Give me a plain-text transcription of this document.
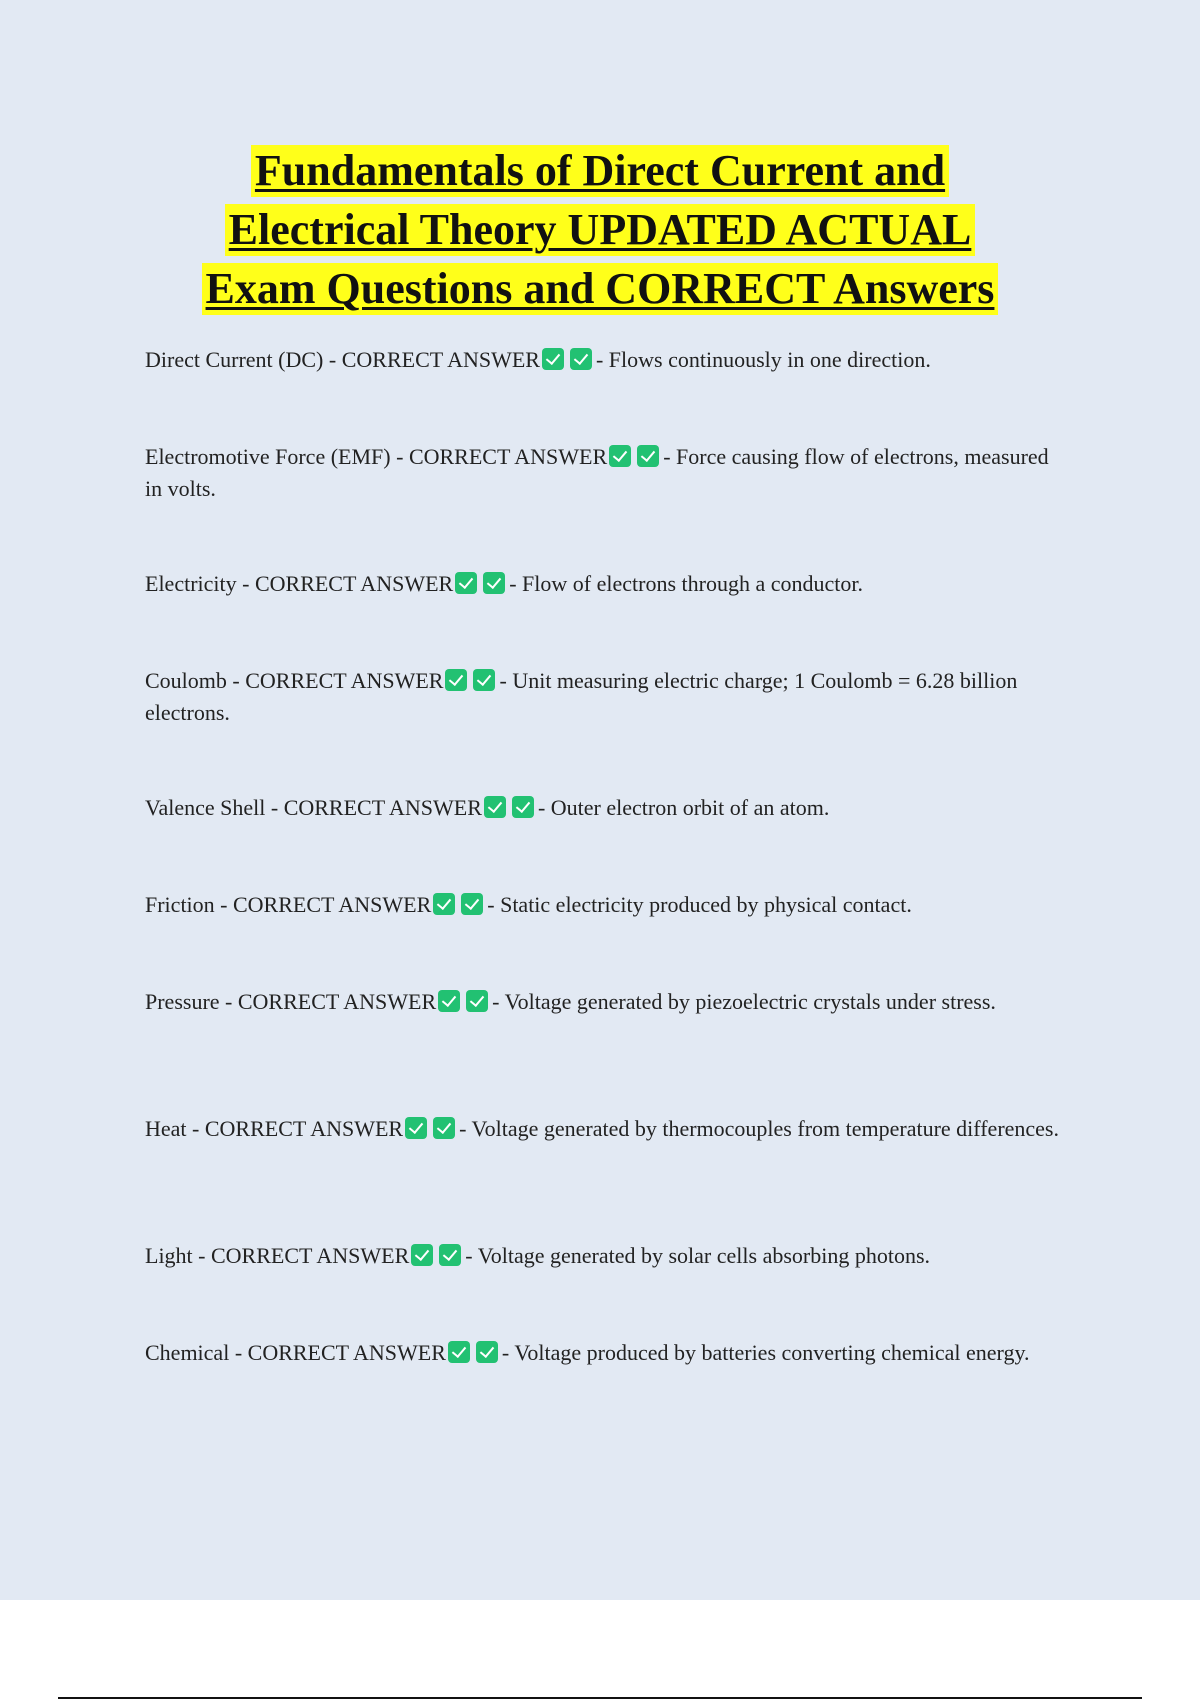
Fundamentals of Direct Current and
Electrical Theory UPDATED ACTUAL
Exam Questions and CORRECT Answers
Direct Current (DC) - CORRECT ANSWER	- Flows continuously in one direction.
Electromotive Force (EMF) - CORRECT ANSWER	- Force causing flow of electrons, measured in volts.
Electricity - CORRECT ANSWER	- Flow of electrons through a conductor.
Coulomb - CORRECT ANSWER	- Unit measuring electric charge; 1 Coulomb = 6.28 billion electrons.
Valence Shell - CORRECT ANSWER	- Outer electron orbit of an atom.
Friction - CORRECT ANSWER	- Static electricity produced by physical contact.
Pressure - CORRECT ANSWER	- Voltage generated by piezoelectric crystals under stress.
Heat - CORRECT ANSWER	- Voltage generated by thermocouples from temperature differences.
Light - CORRECT ANSWER	- Voltage generated by solar cells absorbing photons.
Chemical - CORRECT ANSWER	- Voltage produced by batteries converting chemical energy.
